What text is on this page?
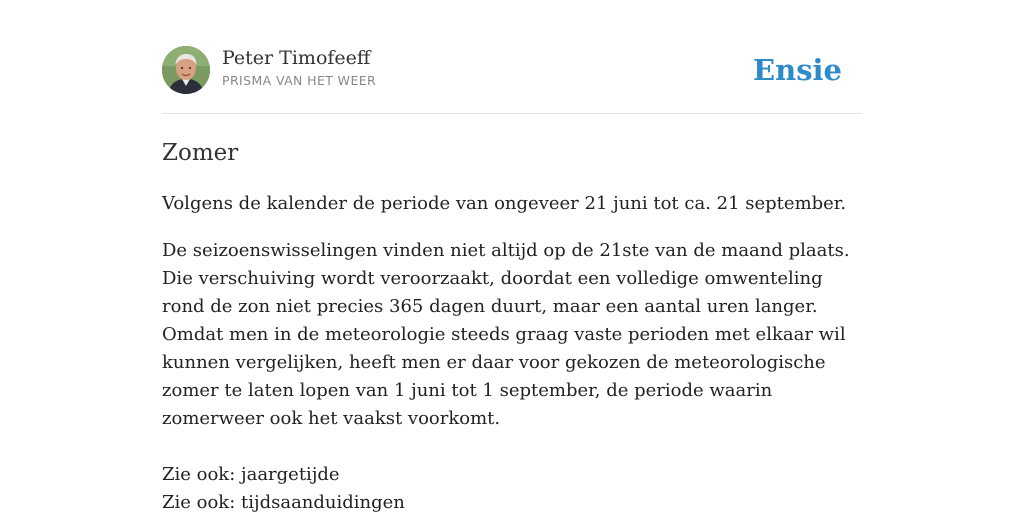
Peter Timofeeff
PRISMA VAN HET WEER	Ensie
Zomer

Volgens de kalender de periode van ongeveer 21 juni tot ca. 21 september.

De seizoenswisselingen vinden niet altijd op de 21ste van de maand plaats. Die verschuiving wordt veroorzaakt, doordat een volledige omwenteling rond de zon niet precies 365 dagen duurt, maar een aantal uren langer. Omdat men in de meteorologie steeds graag vaste perioden met elkaar wil kunnen vergelijken, heeft men er daar voor gekozen de meteorologische zomer te laten lopen van 1 juni tot 1 september, de periode waarin zomerweer ook het vaakst voorkomt.

Zie ook: jaargetijde

Zie ook: tijdsaanduidingen
